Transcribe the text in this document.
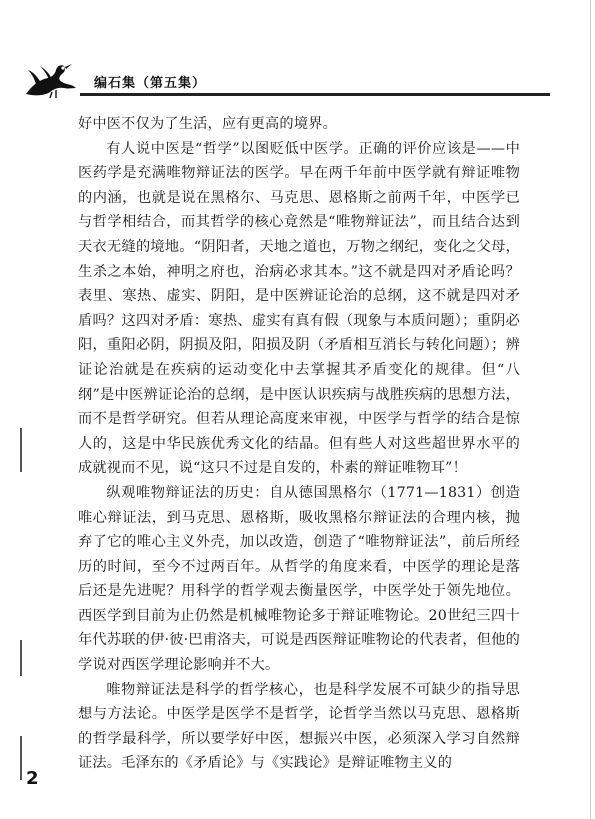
编石集（第五集）

好中医不仅为了生活，应有更高的境界。

有人说中医是“哲学”以图贬低中医学。正确的评价应该是——中医药学是充满唯物辩证法的医学。早在两千年前中医学就有辩证唯物的内涵，也就是说在黑格尔、马克思、恩格斯之前两千年，中医学已与哲学相结合，而其哲学的核心竟然是“唯物辩证法”，而且结合达到天衣无缝的境地。“阴阳者，天地之道也，万物之纲纪，变化之父母，生杀之本始，神明之府也，治病必求其本。”这不就是四对矛盾论吗？表里、寒热、虚实、阴阳，是中医辨证论治的总纲，这不就是四对矛盾吗？这四对矛盾：寒热、虚实有真有假（现象与本质问题）；重阴必阳，重阳必阴，阴损及阳，阳损及阴（矛盾相互消长与转化问题）；辨证论治就是在疾病的运动变化中去掌握其矛盾变化的规律。但“八纲”是中医辨证论治的总纲，是中医认识疾病与战胜疾病的思想方法，而不是哲学研究。但若从理论高度来审视，中医学与哲学的结合是惊人的，这是中华民族优秀文化的结晶。但有些人对这些超世界水平的成就视而不见，说“这只不过是自发的，朴素的辩证唯物耳”！

纵观唯物辩证法的历史：自从德国黑格尔（1771—1831）创造唯心辩证法，到马克思、恩格斯，吸收黑格尔辩证法的合理内核，抛弃了它的唯心主义外壳，加以改造，创造了“唯物辩证法”，前后所经历的时间，至今不过两百年。从哲学的角度来看，中医学的理论是落后还是先进呢？用科学的哲学观去衡量医学，中医学处于领先地位。西医学到目前为止仍然是机械唯物论多于辩证唯物论。20世纪三四十年代苏联的伊·彼·巴甫洛夫，可说是西医辩证唯物论的代表者，但他的学说对西医学理论影响并不大。

唯物辩证法是科学的哲学核心，也是科学发展不可缺少的指导思想与方法论。中医学是医学不是哲学，论哲学当然以马克思、恩格斯的哲学最科学，所以要学好中医，想振兴中医，必须深入学习自然辩证法。毛泽东的《矛盾论》与《实践论》是辩证唯物主义的

2
